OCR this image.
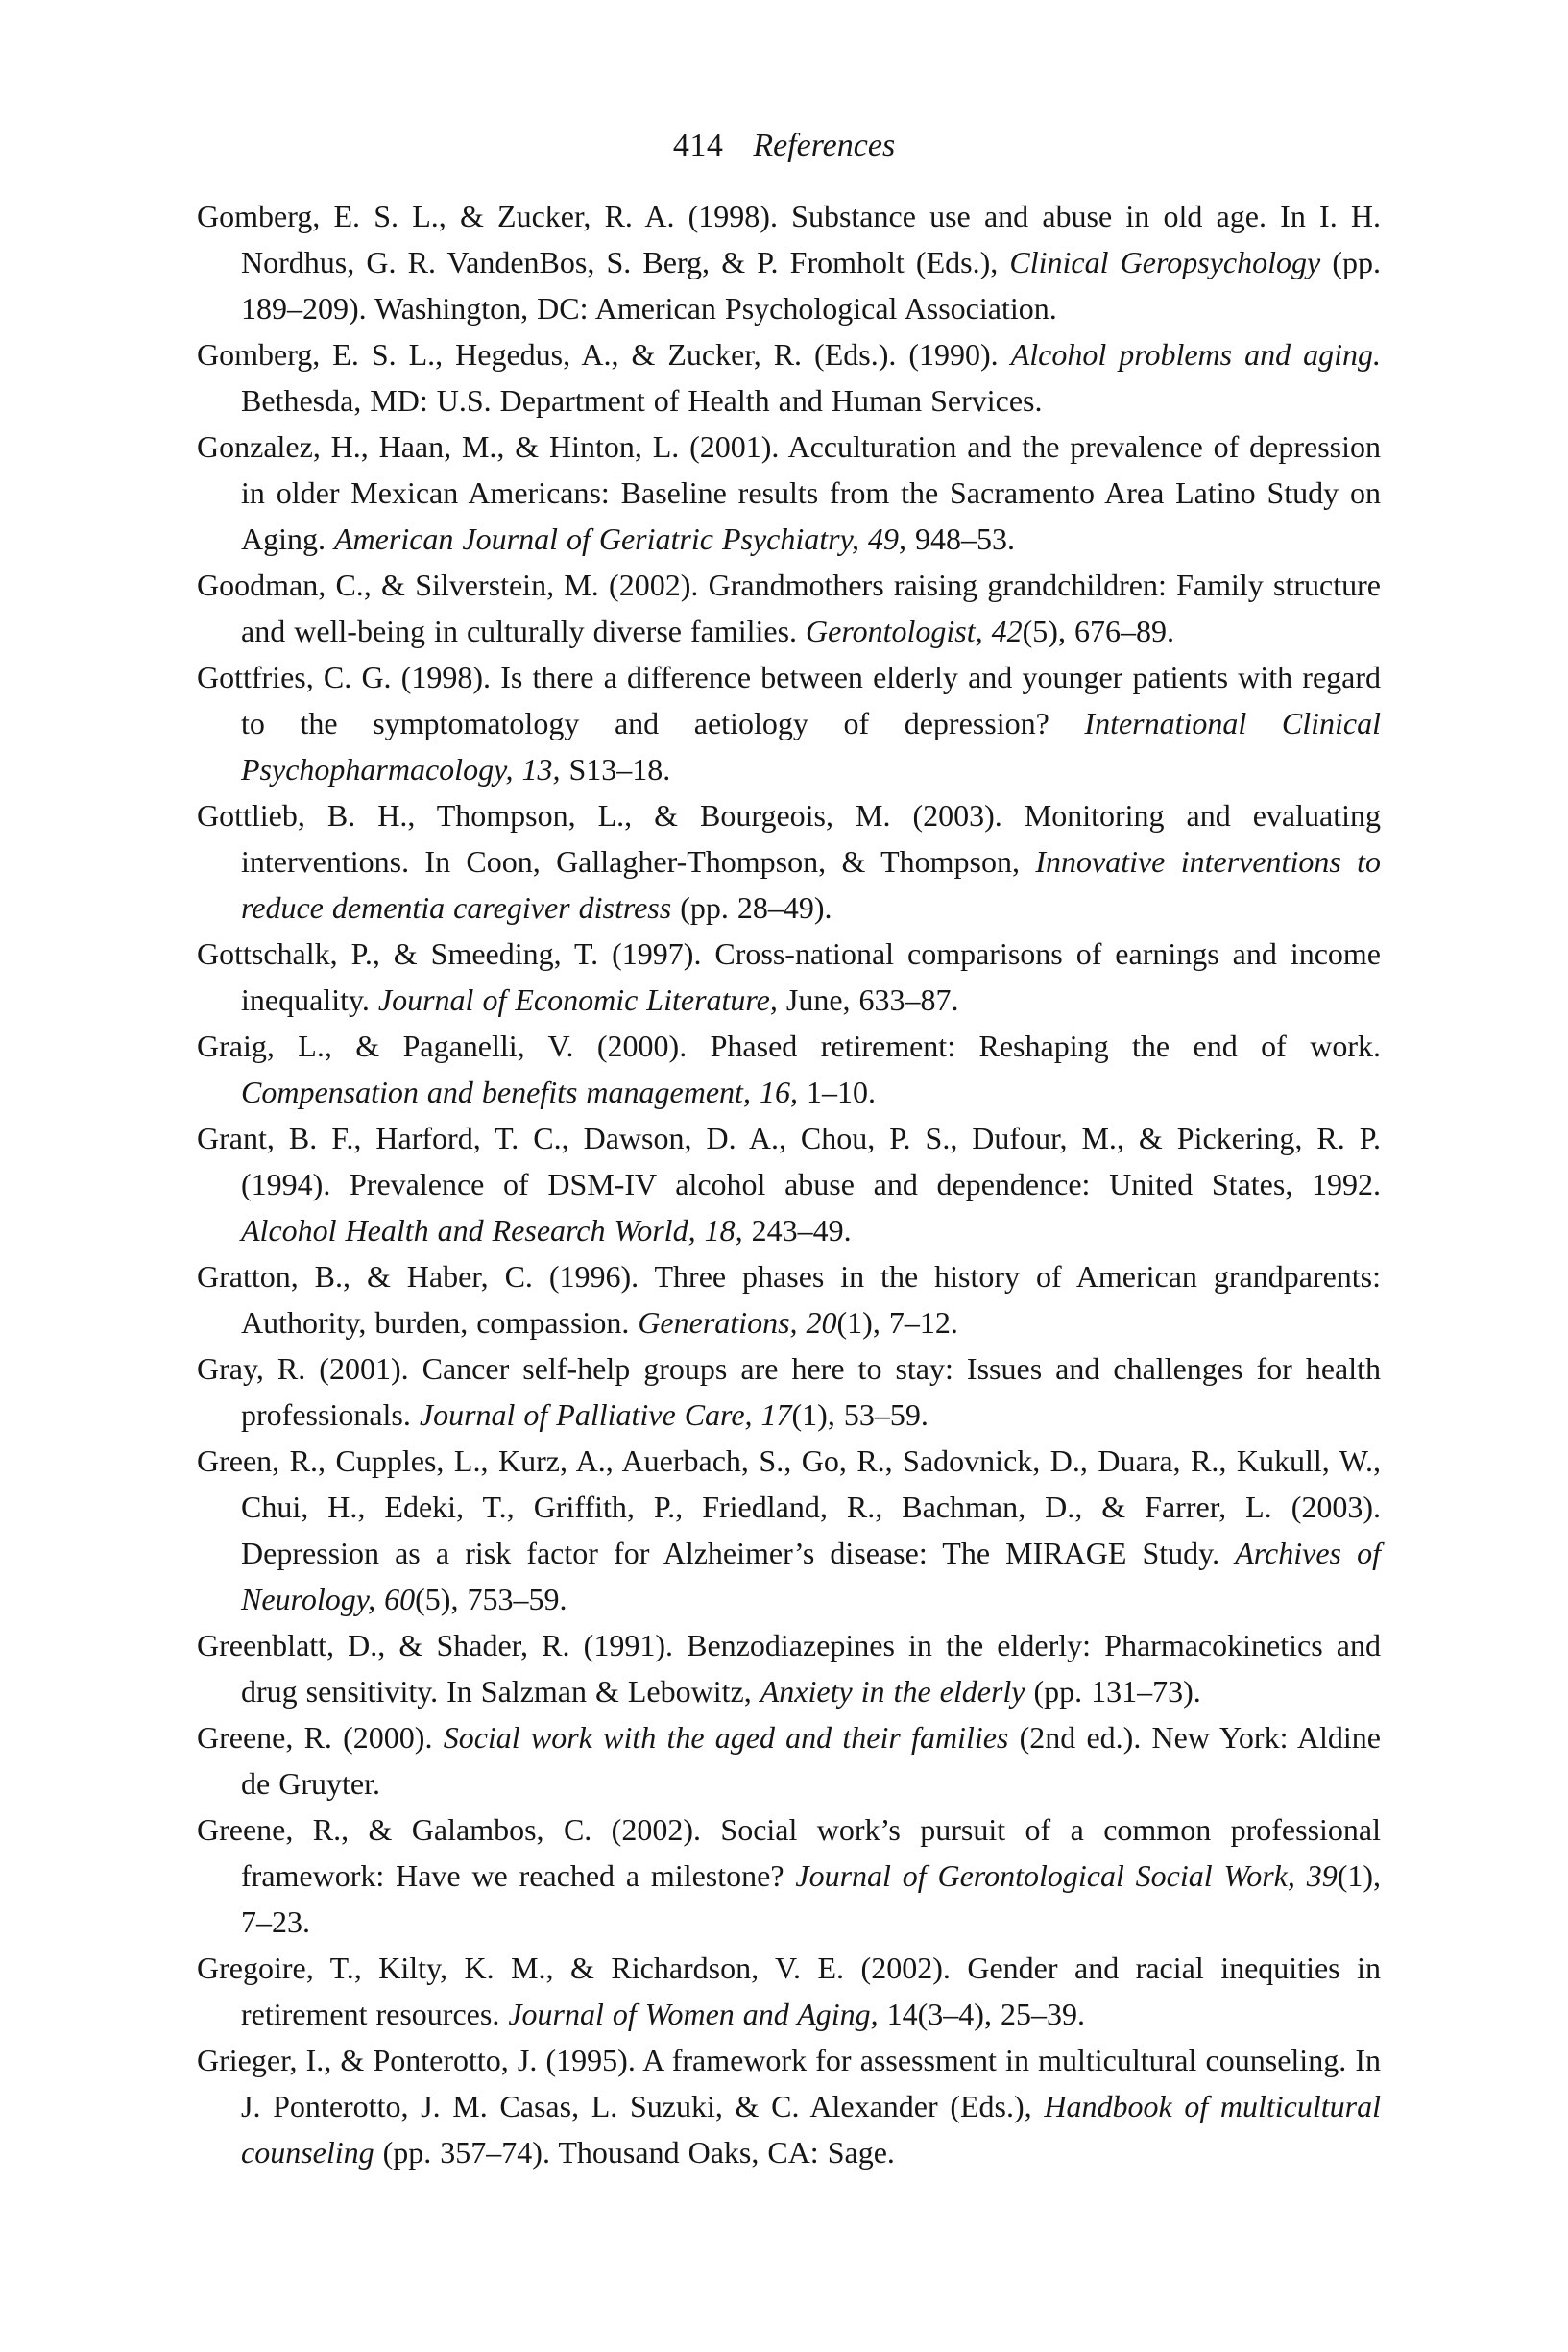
414 References

Gomberg, E. S. L., & Zucker, R. A. (1998). Substance use and abuse in old age. In I. H. Nordhus, G. R. VandenBos, S. Berg, & P. Fromholt (Eds.), Clinical Geropsychology (pp. 189–209). Washington, DC: American Psychological Association.

Gomberg, E. S. L., Hegedus, A., & Zucker, R. (Eds.). (1990). Alcohol problems and aging. Bethesda, MD: U.S. Department of Health and Human Services.

Gonzalez, H., Haan, M., & Hinton, L. (2001). Acculturation and the prevalence of depression in older Mexican Americans: Baseline results from the Sacramento Area Latino Study on Aging. American Journal of Geriatric Psychiatry, 49, 948–53.

Goodman, C., & Silverstein, M. (2002). Grandmothers raising grandchildren: Family structure and well-being in culturally diverse families. Gerontologist, 42(5), 676–89.

Gottfries, C. G. (1998). Is there a difference between elderly and younger patients with regard to the symptomatology and aetiology of depression? International Clinical Psychopharmacology, 13, S13–18.

Gottlieb, B. H., Thompson, L., & Bourgeois, M. (2003). Monitoring and evaluating interventions. In Coon, Gallagher-Thompson, & Thompson, Innovative interventions to reduce dementia caregiver distress (pp. 28–49).

Gottschalk, P., & Smeeding, T. (1997). Cross-national comparisons of earnings and income inequality. Journal of Economic Literature, June, 633–87.

Graig, L., & Paganelli, V. (2000). Phased retirement: Reshaping the end of work. Compensation and benefits management, 16, 1–10.

Grant, B. F., Harford, T. C., Dawson, D. A., Chou, P. S., Dufour, M., & Pickering, R. P. (1994). Prevalence of DSM-IV alcohol abuse and dependence: United States, 1992. Alcohol Health and Research World, 18, 243–49.

Gratton, B., & Haber, C. (1996). Three phases in the history of American grandparents: Authority, burden, compassion. Generations, 20(1), 7–12.

Gray, R. (2001). Cancer self-help groups are here to stay: Issues and challenges for health professionals. Journal of Palliative Care, 17(1), 53–59.

Green, R., Cupples, L., Kurz, A., Auerbach, S., Go, R., Sadovnick, D., Duara, R., Kukull, W., Chui, H., Edeki, T., Griffith, P., Friedland, R., Bachman, D., & Farrer, L. (2003). Depression as a risk factor for Alzheimer’s disease: The MIRAGE Study. Archives of Neurology, 60(5), 753–59.

Greenblatt, D., & Shader, R. (1991). Benzodiazepines in the elderly: Pharmacokinetics and drug sensitivity. In Salzman & Lebowitz, Anxiety in the elderly (pp. 131–73).

Greene, R. (2000). Social work with the aged and their families (2nd ed.). New York: Aldine de Gruyter.

Greene, R., & Galambos, C. (2002). Social work’s pursuit of a common professional framework: Have we reached a milestone? Journal of Gerontological Social Work, 39(1), 7–23.

Gregoire, T., Kilty, K. M., & Richardson, V. E. (2002). Gender and racial inequities in retirement resources. Journal of Women and Aging, 14(3–4), 25–39.

Grieger, I., & Ponterotto, J. (1995). A framework for assessment in multicultural counseling. In J. Ponterotto, J. M. Casas, L. Suzuki, & C. Alexander (Eds.), Handbook of multicultural counseling (pp. 357–74). Thousand Oaks, CA: Sage.
